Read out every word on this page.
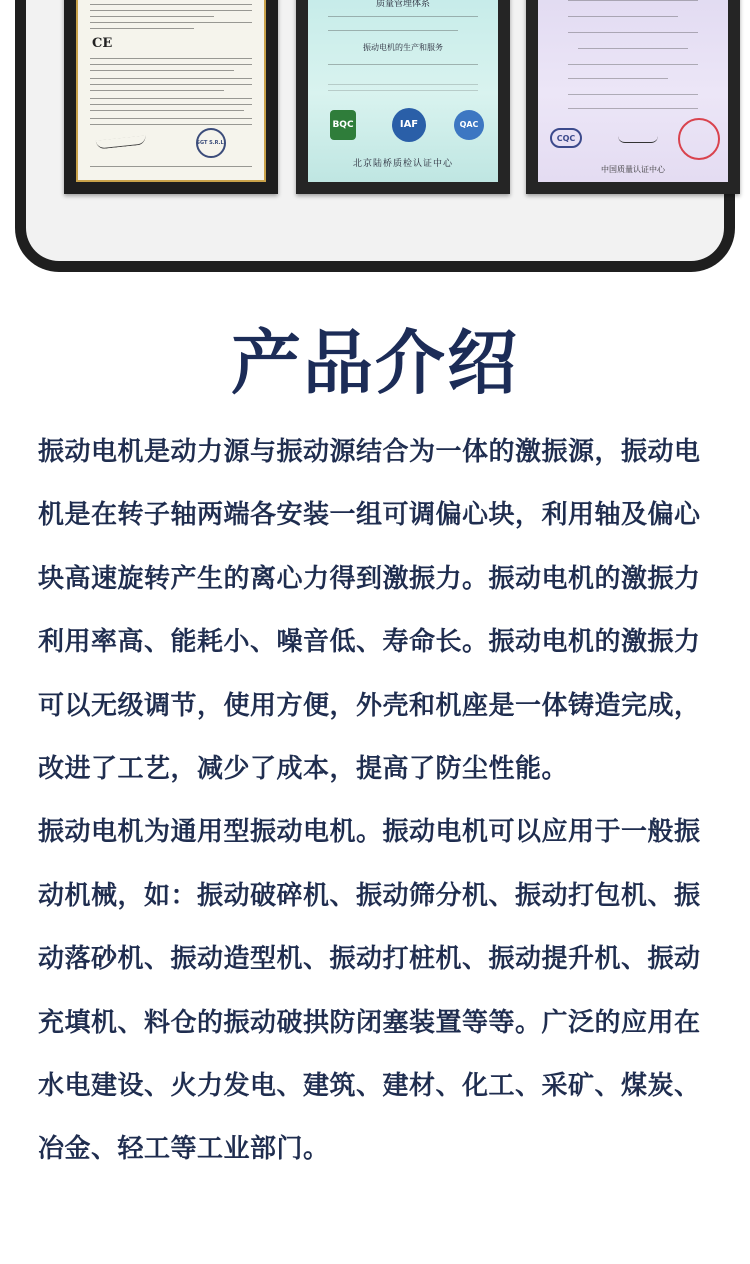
CE
SGT S.R.L.
质量管理体系
振动电机的生产和服务
BQC	IAF	QAC
北京陆桥质检认证中心
CQC
中国质量认证中心
产品介绍

振动电机是动力源与振动源结合为一体的激振源，振动电机是在转子轴两端各安装一组可调偏心块，利用轴及偏心块高速旋转产生的离心力得到激振力。振动电机的激振力利用率高、能耗小、噪音低、寿命长。振动电机的激振力可以无级调节，使用方便，外壳和机座是一体铸造完成，改进了工艺，减少了成本，提高了防尘性能。

振动电机为通用型振动电机。振动电机可以应用于一般振动机械，如：振动破碎机、振动筛分机、振动打包机、振动落砂机、振动造型机、振动打桩机、振动提升机、振动充填机、料仓的振动破拱防闭塞装置等等。广泛的应用在水电建设、火力发电、建筑、建材、化工、采矿、煤炭、冶金、轻工等工业部门。
